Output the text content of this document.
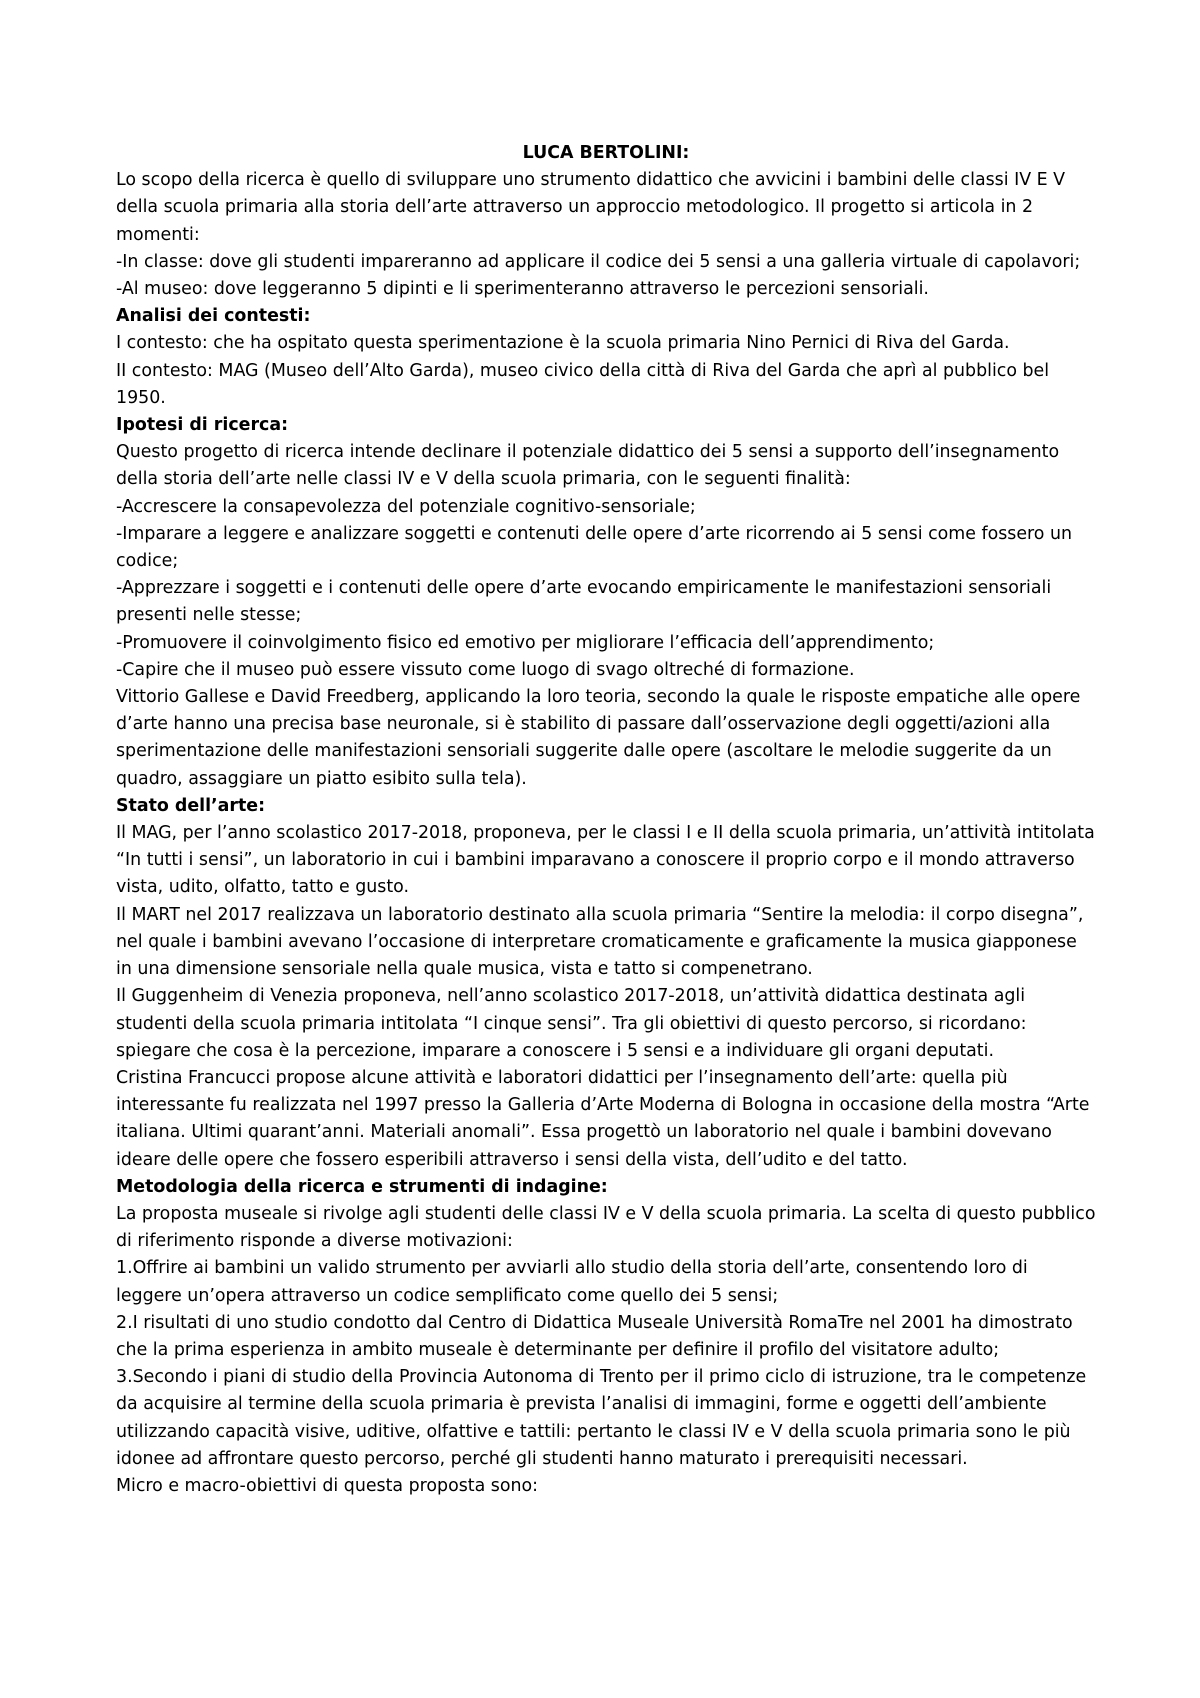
LUCA BERTOLINI:
Lo scopo della ricerca è quello di sviluppare uno strumento didattico che avvicini i bambini delle classi IV E V della scuola primaria alla storia dell’arte attraverso un approccio metodologico. Il progetto si articola in 2 momenti:
-In classe: dove gli studenti impareranno ad applicare il codice dei 5 sensi a una galleria virtuale di capolavori;
-Al museo: dove leggeranno 5 dipinti e li sperimenteranno attraverso le percezioni sensoriali.
Analisi dei contesti:
I contesto: che ha ospitato questa sperimentazione è la scuola primaria Nino Pernici di Riva del Garda.
II contesto: MAG (Museo dell’Alto Garda), museo civico della città di Riva del Garda che aprì al pubblico bel 1950.
Ipotesi di ricerca:
Questo progetto di ricerca intende declinare il potenziale didattico dei 5 sensi a supporto dell’insegnamento della storia dell’arte nelle classi IV e V della scuola primaria, con le seguenti finalità:
-Accrescere la consapevolezza del potenziale cognitivo-sensoriale;
-Imparare a leggere e analizzare soggetti e contenuti delle opere d’arte ricorrendo ai 5 sensi come fossero un codice;
-Apprezzare i soggetti e i contenuti delle opere d’arte evocando empiricamente le manifestazioni sensoriali presenti nelle stesse;
-Promuovere il coinvolgimento fisico ed emotivo per migliorare l’efficacia dell’apprendimento;
-Capire che il museo può essere vissuto come luogo di svago oltreché di formazione.
Vittorio Gallese e David Freedberg, applicando la loro teoria, secondo la quale le risposte empatiche alle opere d’arte hanno una precisa base neuronale, si è stabilito di passare dall’osservazione degli oggetti/azioni alla sperimentazione delle manifestazioni sensoriali suggerite dalle opere (ascoltare le melodie suggerite da un quadro, assaggiare un piatto esibito sulla tela).
Stato dell’arte:
Il MAG, per l’anno scolastico 2017-2018, proponeva, per le classi I e II della scuola primaria, un’attività intitolata “In tutti i sensi”, un laboratorio in cui i bambini imparavano a conoscere il proprio corpo e il mondo attraverso vista, udito, olfatto, tatto e gusto.
Il MART nel 2017 realizzava un laboratorio destinato alla scuola primaria “Sentire la melodia: il corpo disegna”, nel quale i bambini avevano l’occasione di interpretare cromaticamente e graficamente la musica giapponese in una dimensione sensoriale nella quale musica, vista e tatto si compenetrano.
Il Guggenheim di Venezia proponeva, nell’anno scolastico 2017-2018, un’attività didattica destinata agli studenti della scuola primaria intitolata “I cinque sensi”. Tra gli obiettivi di questo percorso, si ricordano: spiegare che cosa è la percezione, imparare a conoscere i 5 sensi e a individuare gli organi deputati.
Cristina Francucci propose alcune attività e laboratori didattici per l’insegnamento dell’arte: quella più interessante fu realizzata nel 1997 presso la Galleria d’Arte Moderna di Bologna in occasione della mostra “Arte italiana. Ultimi quarant’anni. Materiali anomali”. Essa progettò un laboratorio nel quale i bambini dovevano ideare delle opere che fossero esperibili attraverso i sensi della vista, dell’udito e del tatto.
Metodologia della ricerca e strumenti di indagine:
La proposta museale si rivolge agli studenti delle classi IV e V della scuola primaria. La scelta di questo pubblico di riferimento risponde a diverse motivazioni:
1.Offrire ai bambini un valido strumento per avviarli allo studio della storia dell’arte, consentendo loro di leggere un’opera attraverso un codice semplificato come quello dei 5 sensi;
2.I risultati di uno studio condotto dal Centro di Didattica Museale Università RomaTre nel 2001 ha dimostrato che la prima esperienza in ambito museale è determinante per definire il profilo del visitatore adulto;
3.Secondo i piani di studio della Provincia Autonoma di Trento per il primo ciclo di istruzione, tra le competenze da acquisire al termine della scuola primaria è prevista l’analisi di immagini, forme e oggetti dell’ambiente utilizzando capacità visive, uditive, olfattive e tattili: pertanto le classi IV e V della scuola primaria sono le più idonee ad affrontare questo percorso, perché gli studenti hanno maturato i prerequisiti necessari.
Micro e macro-obiettivi di questa proposta sono:
